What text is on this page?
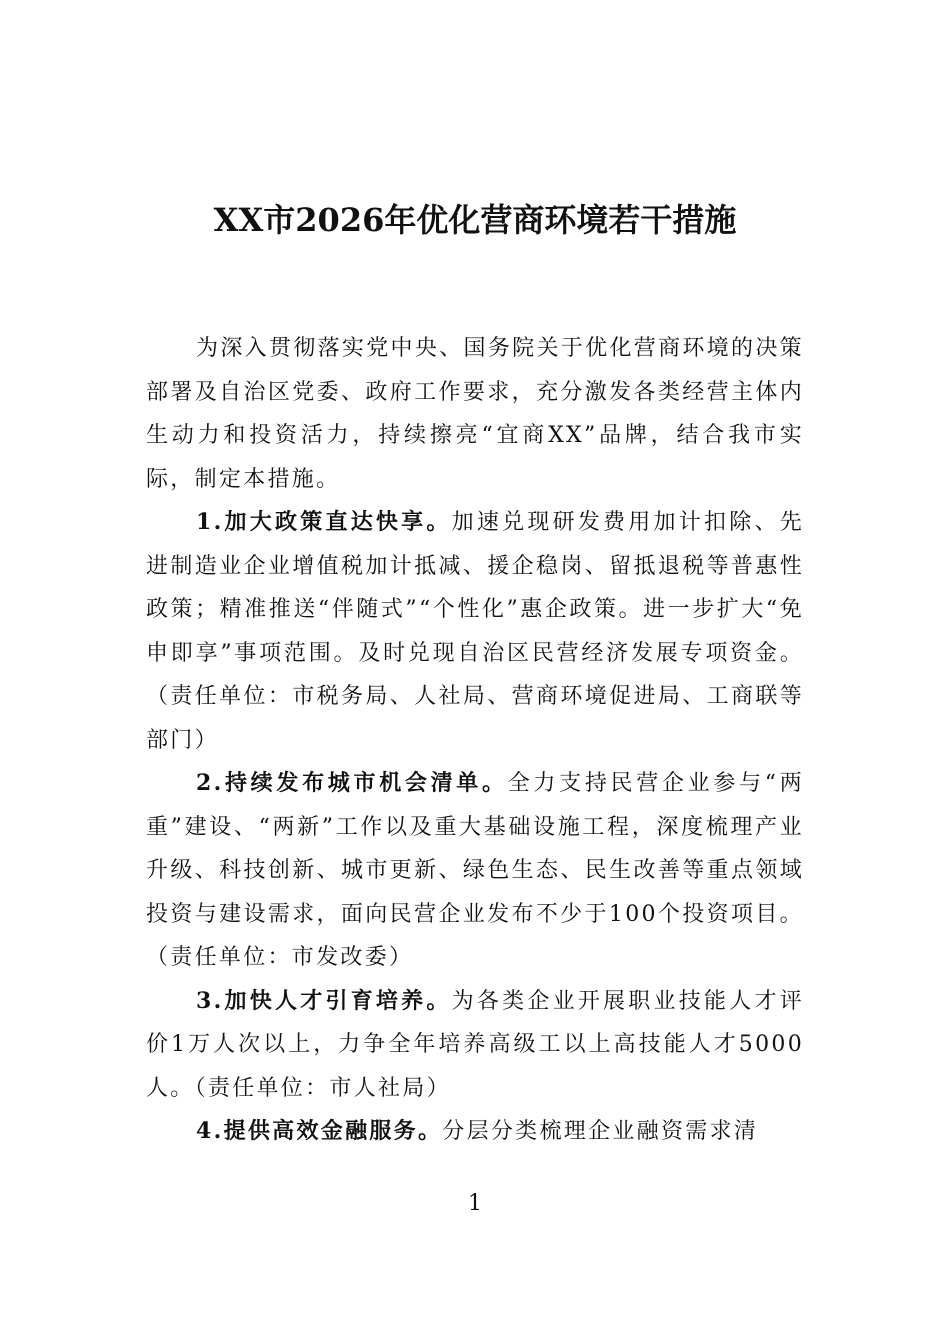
XX市2026年优化营商环境若干措施

为深入贯彻落实党中央、国务院关于优化营商环境的决策部署及自治区党委、政府工作要求，充分激发各类经营主体内生动力和投资活力，持续擦亮“宜商XX”品牌，结合我市实际，制定本措施。

1.加大政策直达快享。加速兑现研发费用加计扣除、先进制造业企业增值税加计抵减、援企稳岗、留抵退税等普惠性政策；精准推送“伴随式”“个性化”惠企政策。进一步扩大“免申即享”事项范围。及时兑现自治区民营经济发展专项资金。（责任单位：市税务局、人社局、营商环境促进局、工商联等部门）

2.持续发布城市机会清单。全力支持民营企业参与“两重”建设、“两新”工作以及重大基础设施工程，深度梳理产业升级、科技创新、城市更新、绿色生态、民生改善等重点领域投资与建设需求，面向民营企业发布不少于100个投资项目。（责任单位：市发改委）

3.加快人才引育培养。为各类企业开展职业技能人才评价1万人次以上，力争全年培养高级工以上高技能人才5000人。（责任单位：市人社局）

4.提供高效金融服务。分层分类梳理企业融资需求清

1
